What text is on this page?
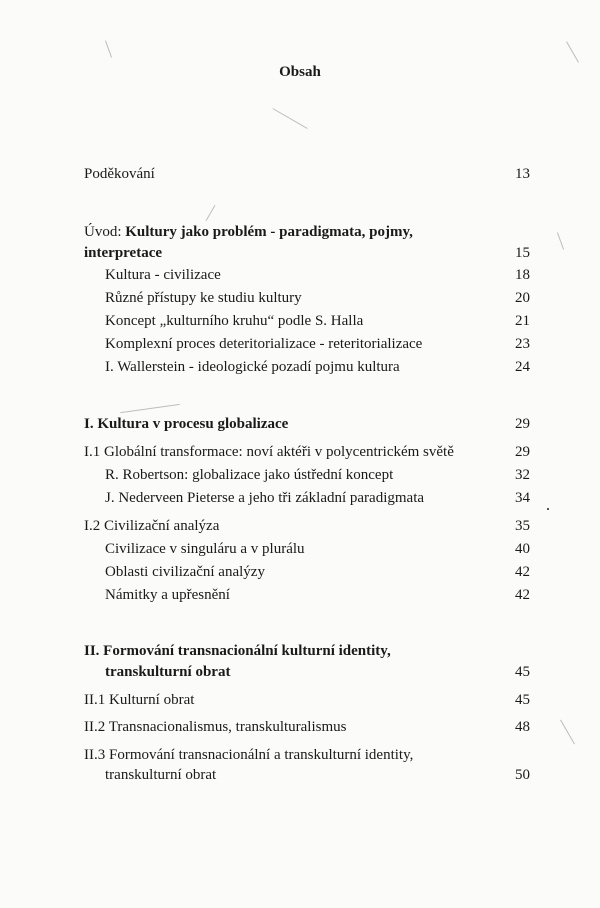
Obsah
Poděkování	13
Úvod: Kultury jako problém - paradigmata, pojmy,
interpretace	15
Kultura - civilizace	18
Různé přístupy ke studiu kultury	20
Koncept „kulturního kruhu“ podle S. Halla	21
Komplexní proces deteritorializace - reteritorializace	23
I. Wallerstein - ideologické pozadí pojmu kultura	24
I. Kultura v procesu globalizace	29
I.1 Globální transformace: noví aktéři v polycentrickém světě	29
R. Robertson: globalizace jako ústřední koncept	32
J. Nederveen Pieterse a jeho tři základní paradigmata	34
I.2 Civilizační analýza	35
Civilizace v singuláru a v plurálu	40
Oblasti civilizační analýzy	42
Námitky a upřesnění	42
II. Formování transnacionální kulturní identity,
transkulturní obrat	45
II.1 Kulturní obrat	45
II.2 Transnacionalismus, transkulturalismus	48
II.3 Formování transnacionální a transkulturní identity,
transkulturní obrat	50
